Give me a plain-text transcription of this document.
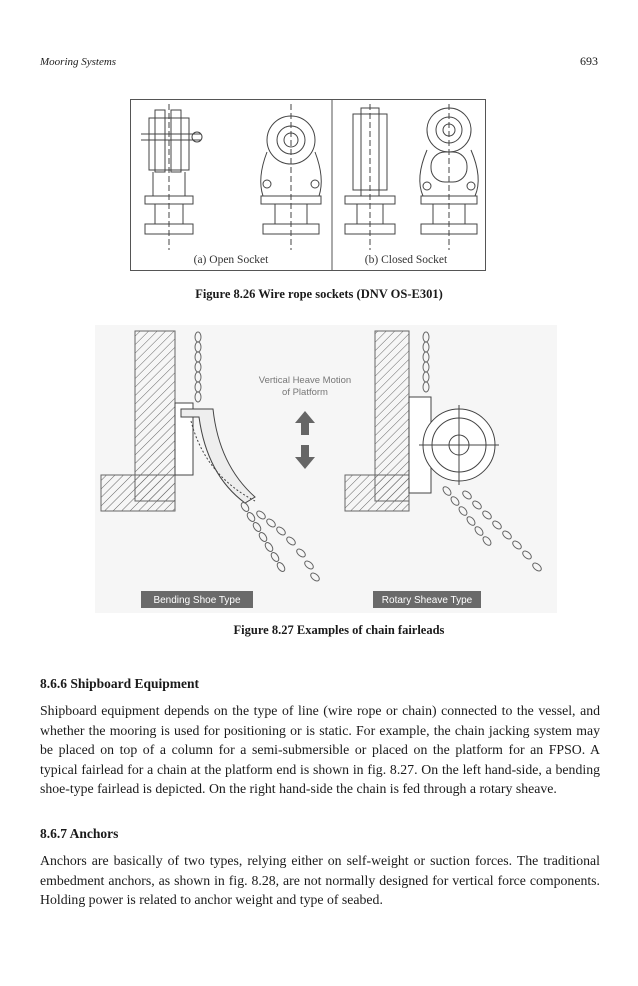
Mooring Systems	693
(a) Open Socket	(b) Closed Socket
Figure 8.26 Wire rope sockets (DNV OS-E301)
Vertical Heave Motion
of Platform
Bending Shoe Type	Rotary Sheave Type
Figure 8.27 Examples of chain fairleads
8.6.6 Shipboard Equipment

Shipboard equipment depends on the type of line (wire rope or chain) connected to the vessel, and whether the mooring is used for positioning or is static. For example, the chain jacking system may be placed on top of a column for a semi-submersible or placed on the platform for an FPSO. A typical fairlead for a chain at the platform end is shown in fig. 8.27. On the left hand-side, a bending shoe-type fairlead is depicted. On the right hand-side the chain is fed through a rotary sheave.

8.6.7 Anchors

Anchors are basically of two types, relying either on self-weight or suction forces. The traditional embedment anchors, as shown in fig. 8.28, are not normally designed for vertical force components. Holding power is related to anchor weight and type of seabed.
